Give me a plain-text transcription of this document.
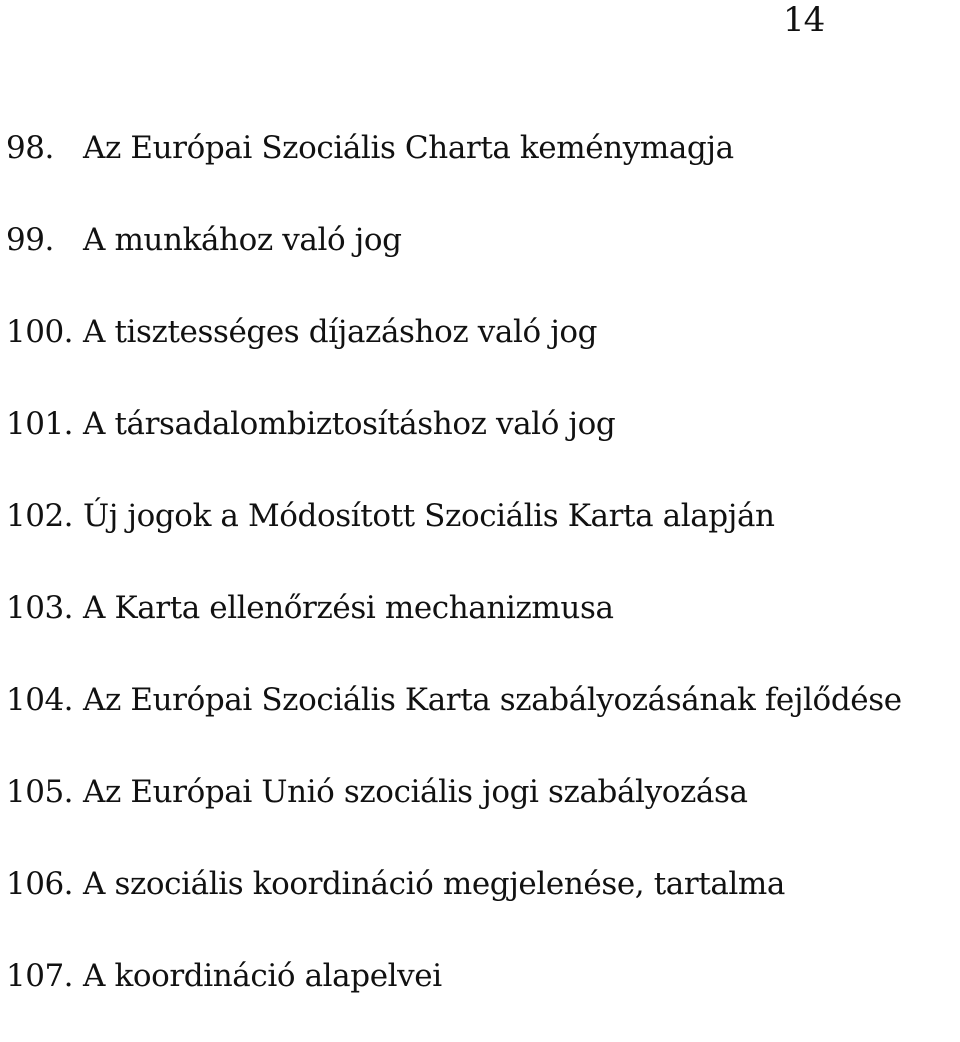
14
98. Az Európai Szociális Charta keménymagja
99. A munkához való jog
100. A tisztességes díjazáshoz való jog
101. A társadalombiztosításhoz való jog
102. Új jogok a Módosított Szociális Karta alapján
103. A Karta ellenőrzési mechanizmusa
104. Az Európai Szociális Karta szabályozásának fejlődése
105. Az Európai Unió szociális jogi szabályozása
106. A szociális koordináció megjelenése, tartalma
107. A koordináció alapelvei
